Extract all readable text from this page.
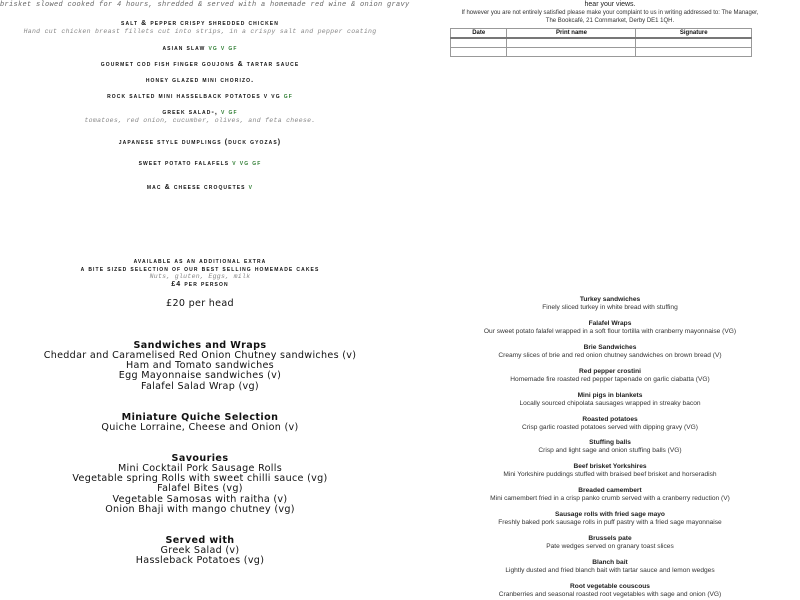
brisket slowed cooked for 4 hours, shredded & served with a homemade red wine & onion gravy
available as an additional extra
a bite sized selection of our best selling homemade cakes
Nuts, gluten, Eggs, milk
£4 per person
£20 per head
hear your views.
If however you are not entirely satisfied please make your complaint to us in writing addressed to: The Manager,
The Bookcafé, 21 Cornmarket, Derby DE1 1QH.
Date	Print name	Signature

salt & pepper crispy shredded chicken
Hand cut chicken breast fillets cut into strips, in a crispy salt and pepper coating
asian slaw vg v gf
gourmet cod fish finger goujons & tartar sauce
honey glazed mini chorizo.
rock salted mini hasselback potatoes v vg gf
greek salad-, v gf
tomatoes, red onion, cucumber, olives, and feta cheese.
japanese style dumplings (duck gyozas)
sweet potato falafels v vg gf
mac & cheese croquetes v
Sandwiches and Wraps
Cheddar and Caramelised Red Onion Chutney sandwiches (v)
Ham and Tomato sandwiches
Egg Mayonnaise sandwiches (v)
Falafel Salad Wrap (vg)
Miniature Quiche Selection
Quiche Lorraine, Cheese and Onion (v)
Savouries
Mini Cocktail Pork Sausage Rolls
Vegetable spring Rolls with sweet chilli sauce (vg)
Falafel Bites (vg)
Vegetable Samosas with raitha (v)
Onion Bhaji with mango chutney (vg)
Served with
Greek Salad (v)
Hassleback Potatoes (vg)
Turkey sandwiches
Finely sliced turkey in white bread with stuffing
Falafel Wraps
Our sweet potato falafel wrapped in a soft flour tortilla with cranberry mayonnaise (VG)
Brie Sandwiches
Creamy slices of brie and red onion chutney sandwiches on brown bread (V)
Red pepper crostini
Homemade fire roasted red pepper tapenade on garlic ciabatta (VG)
Mini pigs in blankets
Locally sourced chipolata sausages wrapped in streaky bacon
Roasted potatoes
Crisp garlic roasted potatoes served with dipping gravy (VG)
Stuffing balls
Crisp and light sage and onion stuffing balls (VG)
Beef brisket Yorkshires
Mini Yorkshire puddings stuffed with braised beef brisket and horseradish
Breaded camembert
Mini camembert fried in a crisp panko crumb served with a cranberry reduction (V)
Sausage rolls with fried sage mayo
Freshly baked pork sausage rolls in puff pastry with a fried sage mayonnaise
Brussels pate
Pate wedges served on granary toast slices
Blanch bait
Lightly dusted and fried blanch bait with tartar sauce and lemon wedges
Root vegetable couscous
Cranberries and seasonal roasted root vegetables with sage and onion (VG)
